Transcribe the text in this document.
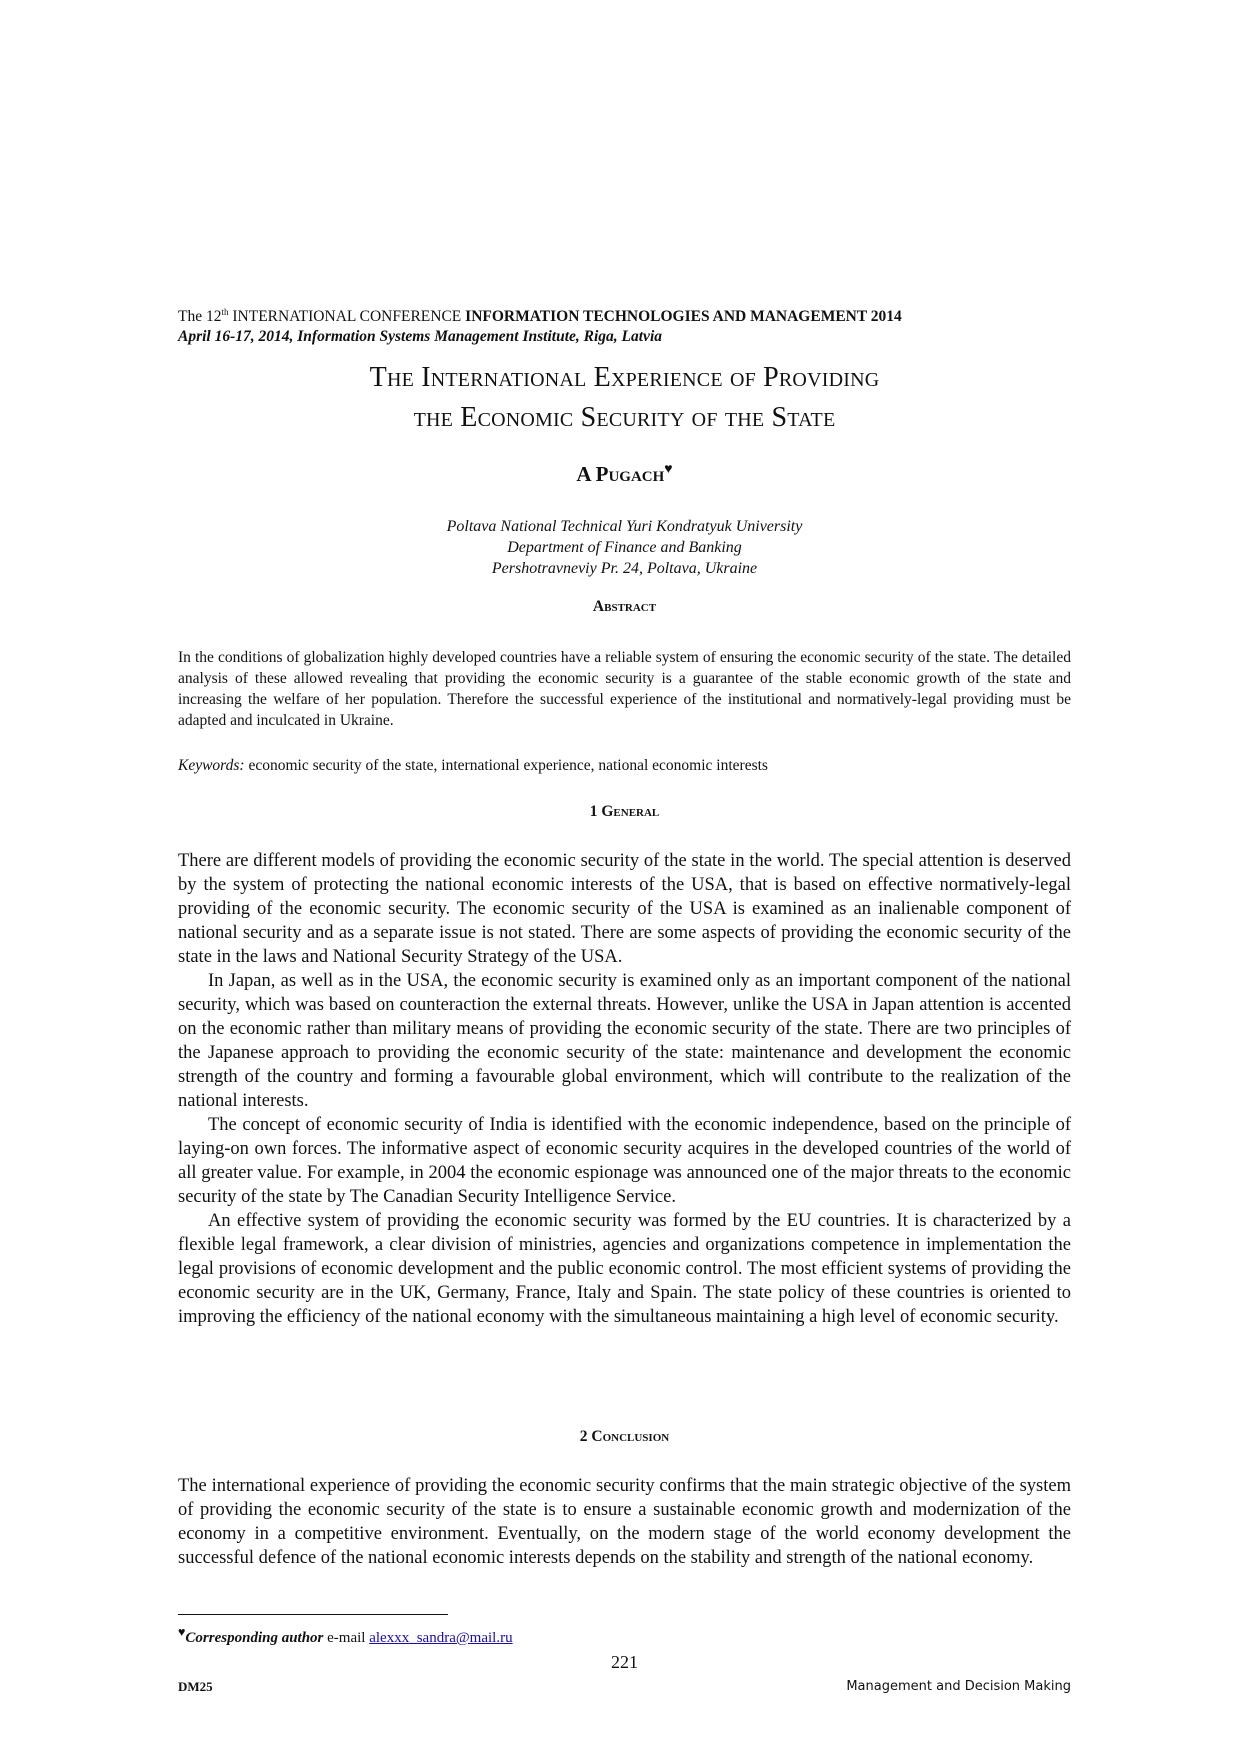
The 12th INTERNATIONAL CONFERENCE INFORMATION TECHNOLOGIES AND MANAGEMENT 2014
April 16-17, 2014, Information Systems Management Institute, Riga, Latvia
The International Experience of Providing
the Economic Security of the State
A Pugach♥
Poltava National Technical Yuri Kondratyuk University
Department of Finance and Banking
Pershotravneviy Pr. 24, Poltava, Ukraine
Abstract
In the conditions of globalization highly developed countries have a reliable system of ensuring the economic security of the state. The detailed analysis of these allowed revealing that providing the economic security is a guarantee of the stable economic growth of the state and increasing the welfare of her population. Therefore the successful experience of the institutional and normatively-legal providing must be adapted and inculcated in Ukraine.
Keywords: economic security of the state, international experience, national economic interests
1 General

There are different models of providing the economic security of the state in the world. The special attention is deserved by the system of protecting the national economic interests of the USA, that is based on effective normatively-legal providing of the economic security. The economic security of the USA is examined as an inalienable component of national security and as a separate issue is not stated. There are some aspects of providing the economic security of the state in the laws and National Security Strategy of the USA.

In Japan, as well as in the USA, the economic security is examined only as an important component of the national security, which was based on counteraction the external threats. However, unlike the USA in Japan attention is accented on the economic rather than military means of providing the economic security of the state. There are two principles of the Japanese approach to providing the economic security of the state: maintenance and development the economic strength of the country and forming a favourable global environment, which will contribute to the realization of the national interests.

The concept of economic security of India is identified with the economic independence, based on the principle of laying-on own forces. The informative aspect of economic security acquires in the developed countries of the world of all greater value. For example, in 2004 the economic espionage was announced one of the major threats to the economic security of the state by The Canadian Security Intelligence Service.

An effective system of providing the economic security was formed by the EU countries. It is characterized by a flexible legal framework, a clear division of ministries, agencies and organizations competence in implementation the legal provisions of economic development and the public economic control. The most efficient systems of providing the economic security are in the UK, Germany, France, Italy and Spain. The state policy of these countries is oriented to improving the efficiency of the national economy with the simultaneous maintaining a high level of economic security.

2 Conclusion

The international experience of providing the economic security confirms that the main strategic objective of the system of providing the economic security of the state is to ensure a sustainable economic growth and modernization of the economy in a competitive environment. Eventually, on the modern stage of the world economy development the successful defence of the national economic interests depends on the stability and strength of the national economy.

♥Corresponding author e-mail alexxx_sandra@mail.ru
221
DM25	Management and Decision Making
